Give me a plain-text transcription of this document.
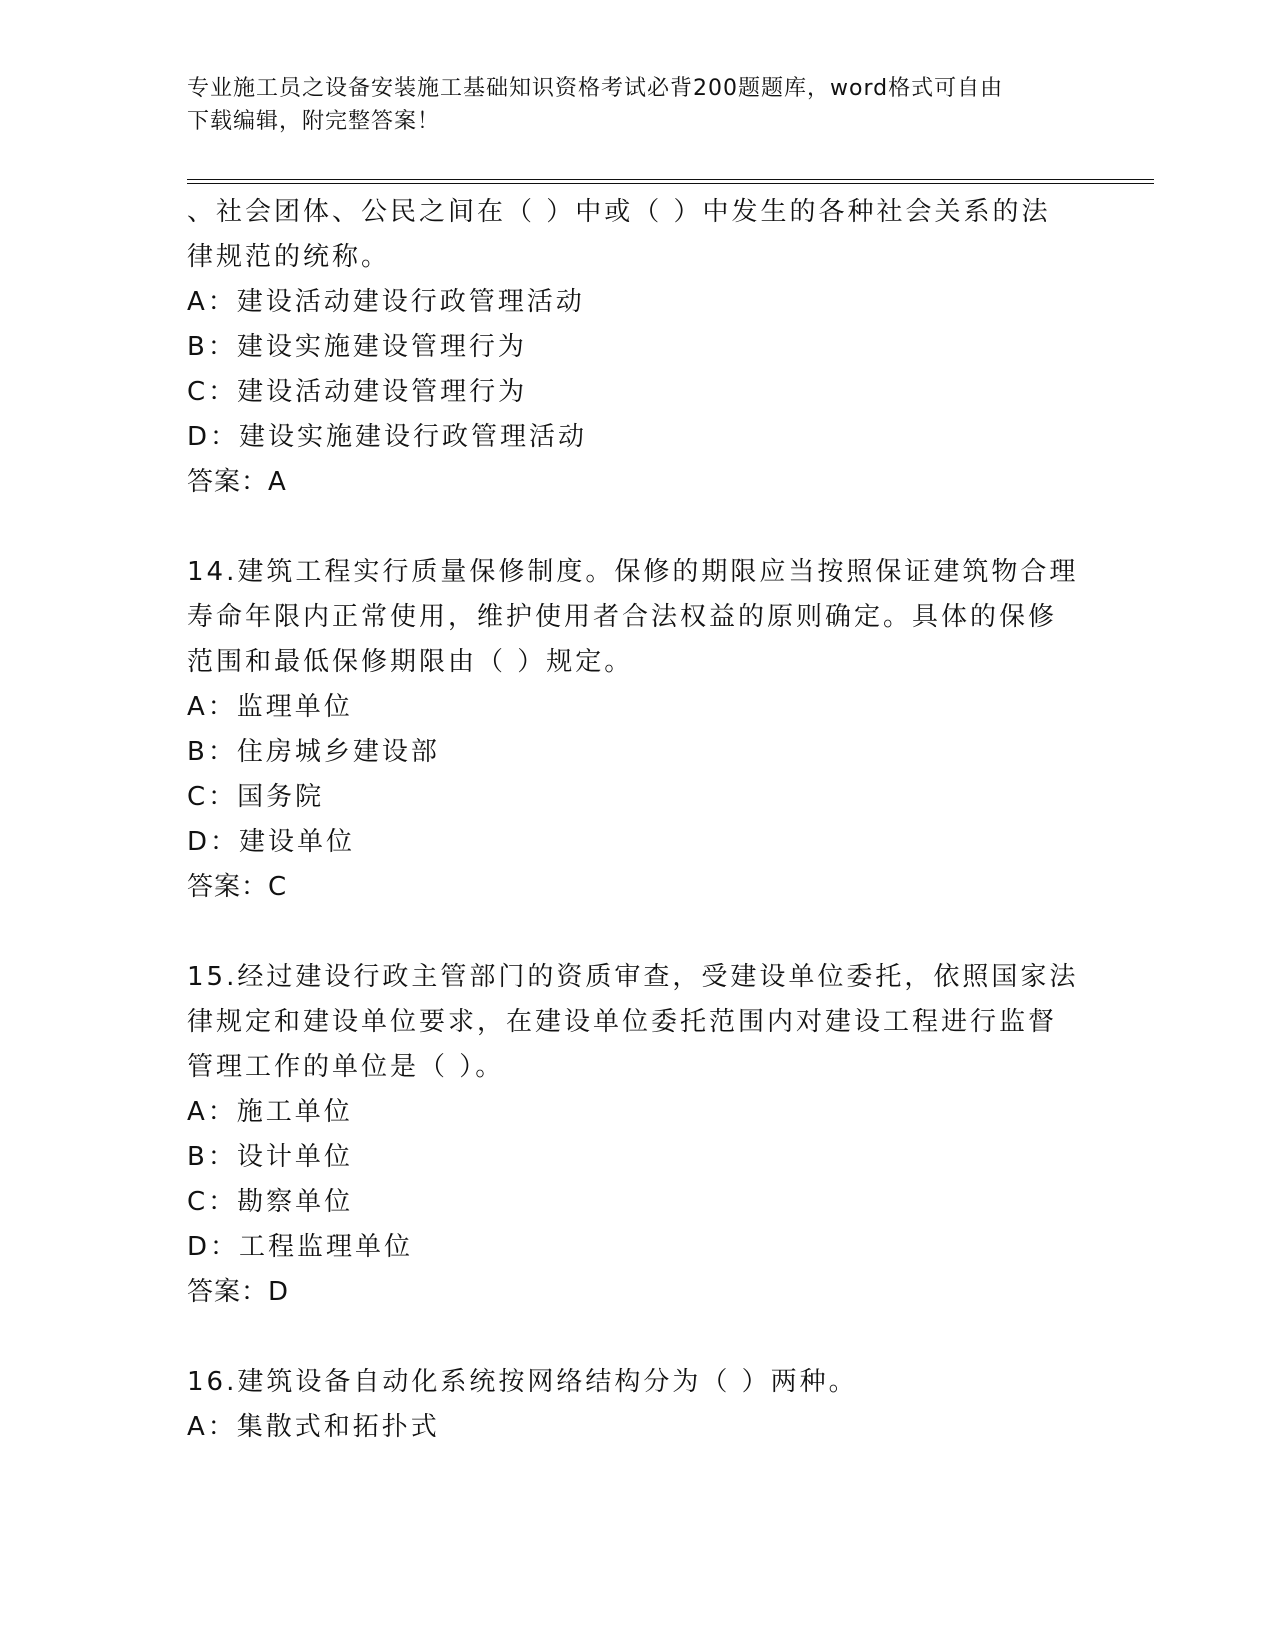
专业施工员之设备安装施工基础知识资格考试必背200题题库，word格式可自由
下载编辑，附完整答案！
、社会团体、公民之间在（ ）中或（ ）中发生的各种社会关系的法
律规范的统称。
A：建设活动建设行政管理活动
B：建设实施建设管理行为
C：建设活动建设管理行为
D：建设实施建设行政管理活动
答案：A
14.建筑工程实行质量保修制度。保修的期限应当按照保证建筑物合理
寿命年限内正常使用，维护使用者合法权益的原则确定。具体的保修
范围和最低保修期限由（ ）规定。
A：监理单位
B：住房城乡建设部
C：国务院
D：建设单位
答案：C
15.经过建设行政主管部门的资质审查，受建设单位委托，依照国家法
律规定和建设单位要求，在建设单位委托范围内对建设工程进行监督
管理工作的单位是（ ）。
A：施工单位
B：设计单位
C：勘察单位
D：工程监理单位
答案：D
16.建筑设备自动化系统按网络结构分为（ ）两种。
A：集散式和拓扑式
